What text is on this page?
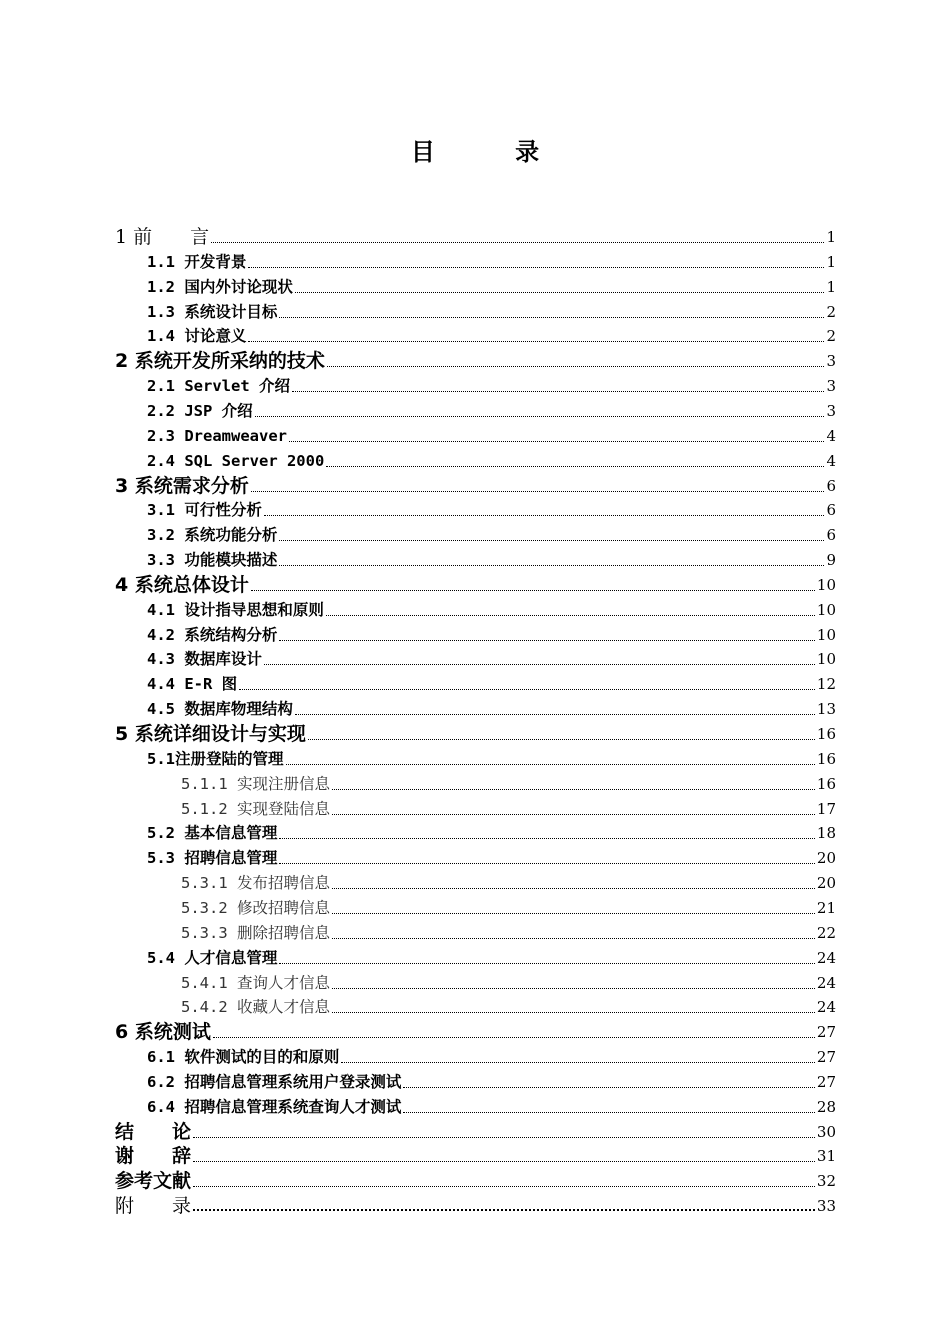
目 录
1 前　　言	1
1.1 开发背景	1
1.2 国内外讨论现状	1
1.3 系统设计目标	2
1.4 讨论意义	2
2 系统开发所采纳的技术	3
2.1 Servlet 介绍	3
2.2 JSP 介绍	3
2.3 Dreamweaver	4
2.4 SQL Server 2000	4
3 系统需求分析	6
3.1 可行性分析	6
3.2 系统功能分析	6
3.3 功能模块描述	9
4 系统总体设计	10
4.1 设计指导思想和原则	10
4.2 系统结构分析	10
4.3 数据库设计	10
4.4 E-R 图	12
4.5 数据库物理结构	13
5 系统详细设计与实现	16
5.1注册登陆的管理	16
5.1.1 实现注册信息	16
5.1.2 实现登陆信息	17
5.2 基本信息管理	18
5.3 招聘信息管理	20
5.3.1 发布招聘信息	20
5.3.2 修改招聘信息	21
5.3.3 删除招聘信息	22
5.4 人才信息管理	24
5.4.1 查询人才信息	24
5.4.2 收藏人才信息	24
6 系统测试	27
6.1 软件测试的目的和原则	27
6.2 招聘信息管理系统用户登录测试	27
6.4 招聘信息管理系统查询人才测试	28
结　　论	30
谢　　辞	31
参考文献	32
附　　录	33
